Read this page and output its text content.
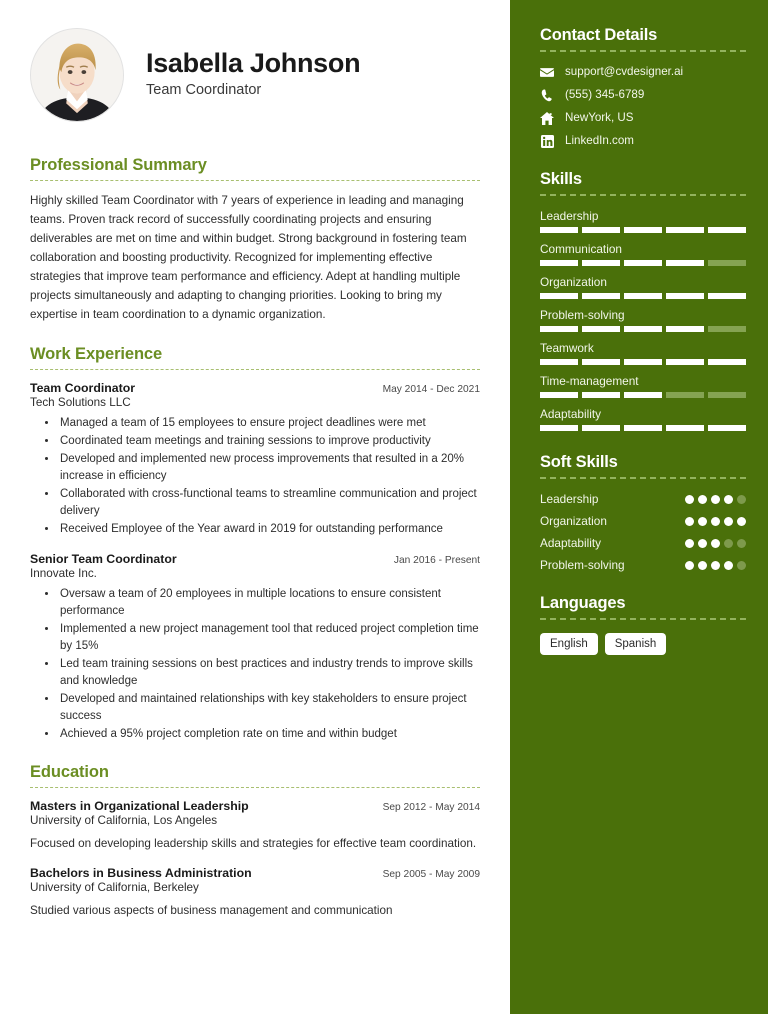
Isabella Johnson
Team Coordinator
Professional Summary
Highly skilled Team Coordinator with 7 years of experience in leading and managing teams. Proven track record of successfully coordinating projects and ensuring deliverables are met on time and within budget. Strong background in fostering team collaboration and boosting productivity. Recognized for implementing effective strategies that improve team performance and efficiency. Adept at handling multiple projects simultaneously and adapting to changing priorities. Looking to bring my expertise in team coordination to a dynamic organization.
Work Experience
Team Coordinator	May 2014 - Dec 2021
Tech Solutions LLC
• Managed a team of 15 employees to ensure project deadlines were met
• Coordinated team meetings and training sessions to improve productivity
• Developed and implemented new process improvements that resulted in a 20% increase in efficiency
• Collaborated with cross-functional teams to streamline communication and project delivery
• Received Employee of the Year award in 2019 for outstanding performance
Senior Team Coordinator	Jan 2016 - Present
Innovate Inc.
• Oversaw a team of 20 employees in multiple locations to ensure consistent performance
• Implemented a new project management tool that reduced project completion time by 15%
• Led team training sessions on best practices and industry trends to improve skills and knowledge
• Developed and maintained relationships with key stakeholders to ensure project success
• Achieved a 95% project completion rate on time and within budget
Education
Masters in Organizational Leadership	Sep 2012 - May 2014
University of California, Los Angeles
Focused on developing leadership skills and strategies for effective team coordination.
Bachelors in Business Administration	Sep 2005 - May 2009
University of California, Berkeley
Studied various aspects of business management and communication
Contact Details
support@cvdesigner.ai
(555) 345-6789
NewYork, US
LinkedIn.com
Skills
Leadership
Communication
Organization
Problem-solving
Teamwork
Time-management
Adaptability
Soft Skills
Leadership
Organization
Adaptability
Problem-solving
Languages
English	Spanish
